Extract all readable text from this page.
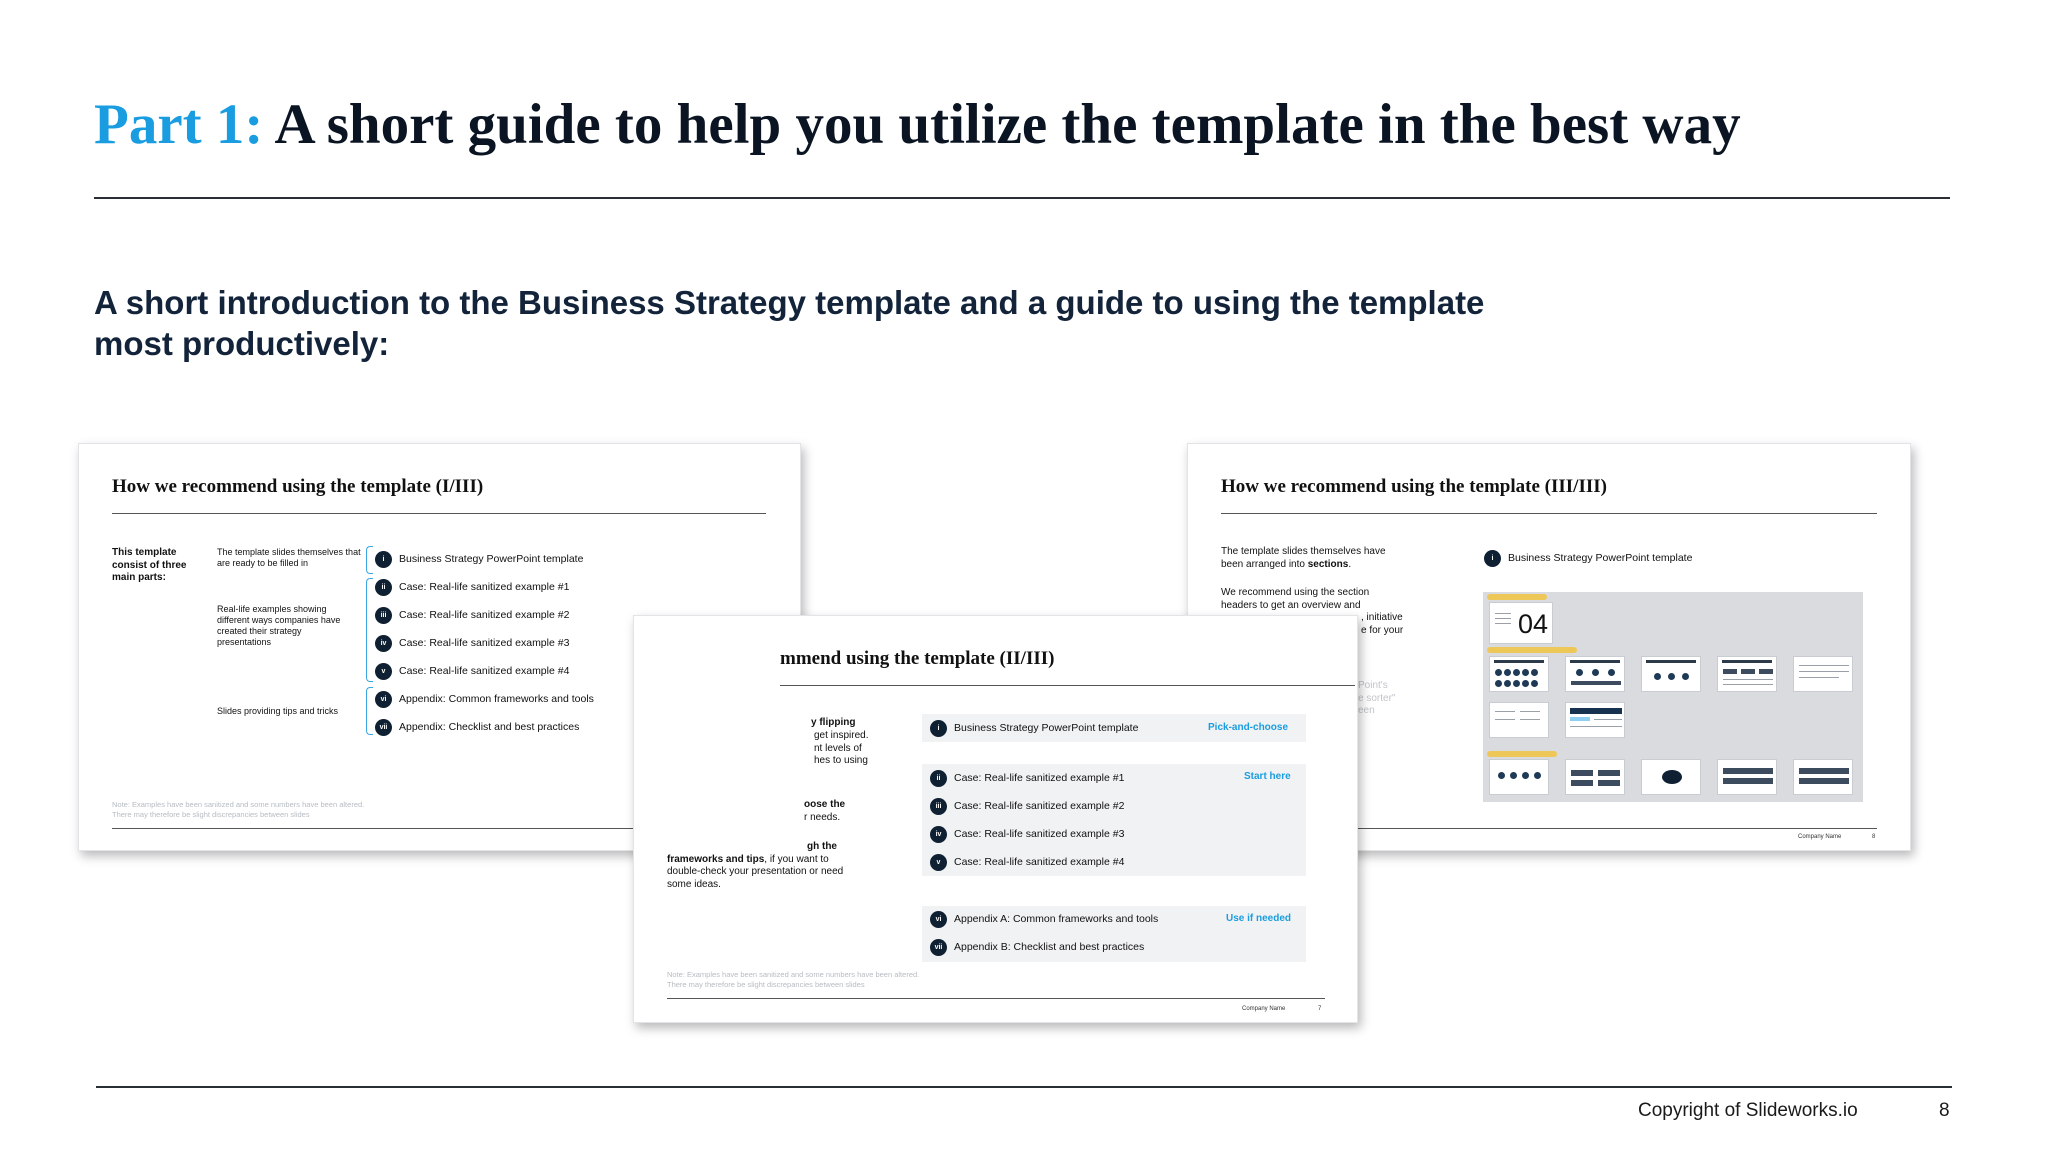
Part 1: A short guide to help you utilize the template in the best way
A short introduction to the Business Strategy template and a guide to using the template most productively:
How we recommend using the template (I/III)
This template consist of three main parts:
The template slides themselves that are ready to be filled in
Real-life examples showing different ways companies have created their strategy presentations
Slides providing tips and tricks
i	Business Strategy PowerPoint template
ii	Case: Real-life sanitized example #1
iii	Case: Real-life sanitized example #2
iv	Case: Real-life sanitized example #3
v	Case: Real-life sanitized example #4
vi	Appendix: Common frameworks and tools
vii	Appendix: Checklist and best practices
Note: Examples have been sanitized and some numbers have been altered.
There may therefore be slight discrepancies between slides
How we recommend using the template (III/III)
The template slides themselves have
been arranged into sections.
We recommend using the section
headers to get an overview and
, initiative
e for your
Point's
e sorter"
een
i	Business Strategy PowerPoint template
04
Company Name	8
mmend using the template (II/III)
y flipping
get inspired.
nt levels of
hes to using
oose the
r needs.
gh the
frameworks and tips, if you want to
double-check your presentation or need
some ideas.
Pick-and-choose
Start here
Use if needed
i	Business Strategy PowerPoint template
ii	Case: Real-life sanitized example #1
iii	Case: Real-life sanitized example #2
iv	Case: Real-life sanitized example #3
v	Case: Real-life sanitized example #4
vi	Appendix A: Common frameworks and tools
vii	Appendix B: Checklist and best practices
Note: Examples have been sanitized and some numbers have been altered.
There may therefore be slight discrepancies between slides
Company Name	7
Copyright of Slideworks.io	8
